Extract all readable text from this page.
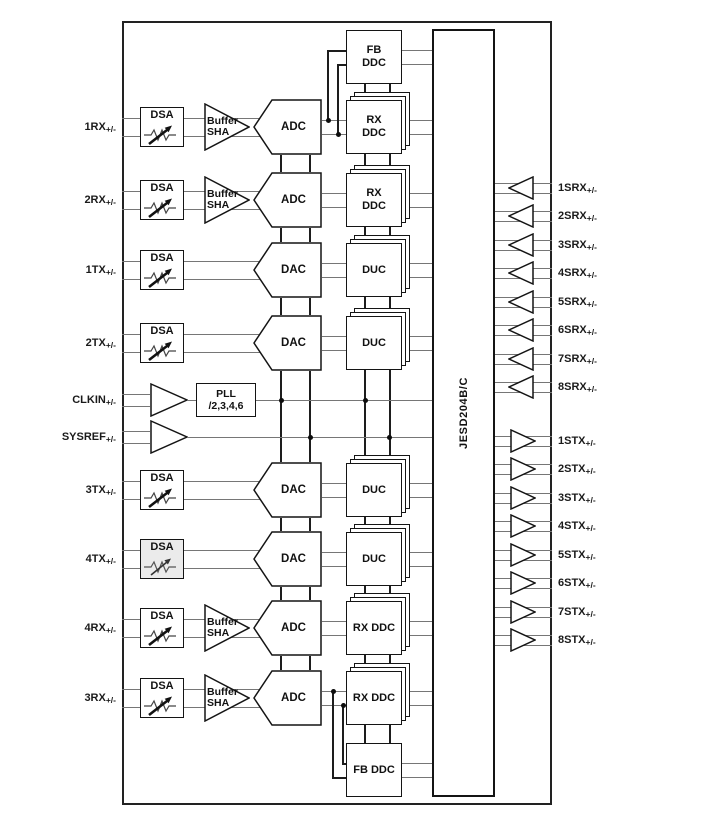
$1RX_{+/-}$
$2RX_{+/-}$
$1TX_{+/-}$
$2TX_{+/-}$
$CLKIN_{+/-}$
$SYSREF_{+/-}$
$3TX_{+/-}$
$4TX_{+/-}$
$4RX_{+/-}$
$3RX_{+/-}$
DSA
DSA
DSA
DSA
DSA
DSA
DSA
DSA
Buffer
SHA
Buffer
SHA
Buffer
SHA
Buffer
SHA
ADC
ADC
DAC
DAC
DAC
DAC
ADC
ADC
RX
DDC
RX
DDC
DUC
DUC
DUC
DUC
RX DDC
RX DDC
FB
DDC
FB DDC
PLL
/2,3,4,6	JESD204B/C
$1SRX_{+/-}$
$2SRX_{+/-}$
$3SRX_{+/-}$
$4SRX_{+/-}$
$5SRX_{+/-}$
$6SRX_{+/-}$
$7SRX_{+/-}$
$8SRX_{+/-}$
$1STX_{+/-}$
$2STX_{+/-}$
$3STX_{+/-}$
$4STX_{+/-}$
$5STX_{+/-}$
$6STX_{+/-}$
$7STX_{+/-}$
$8STX_{+/-}$
